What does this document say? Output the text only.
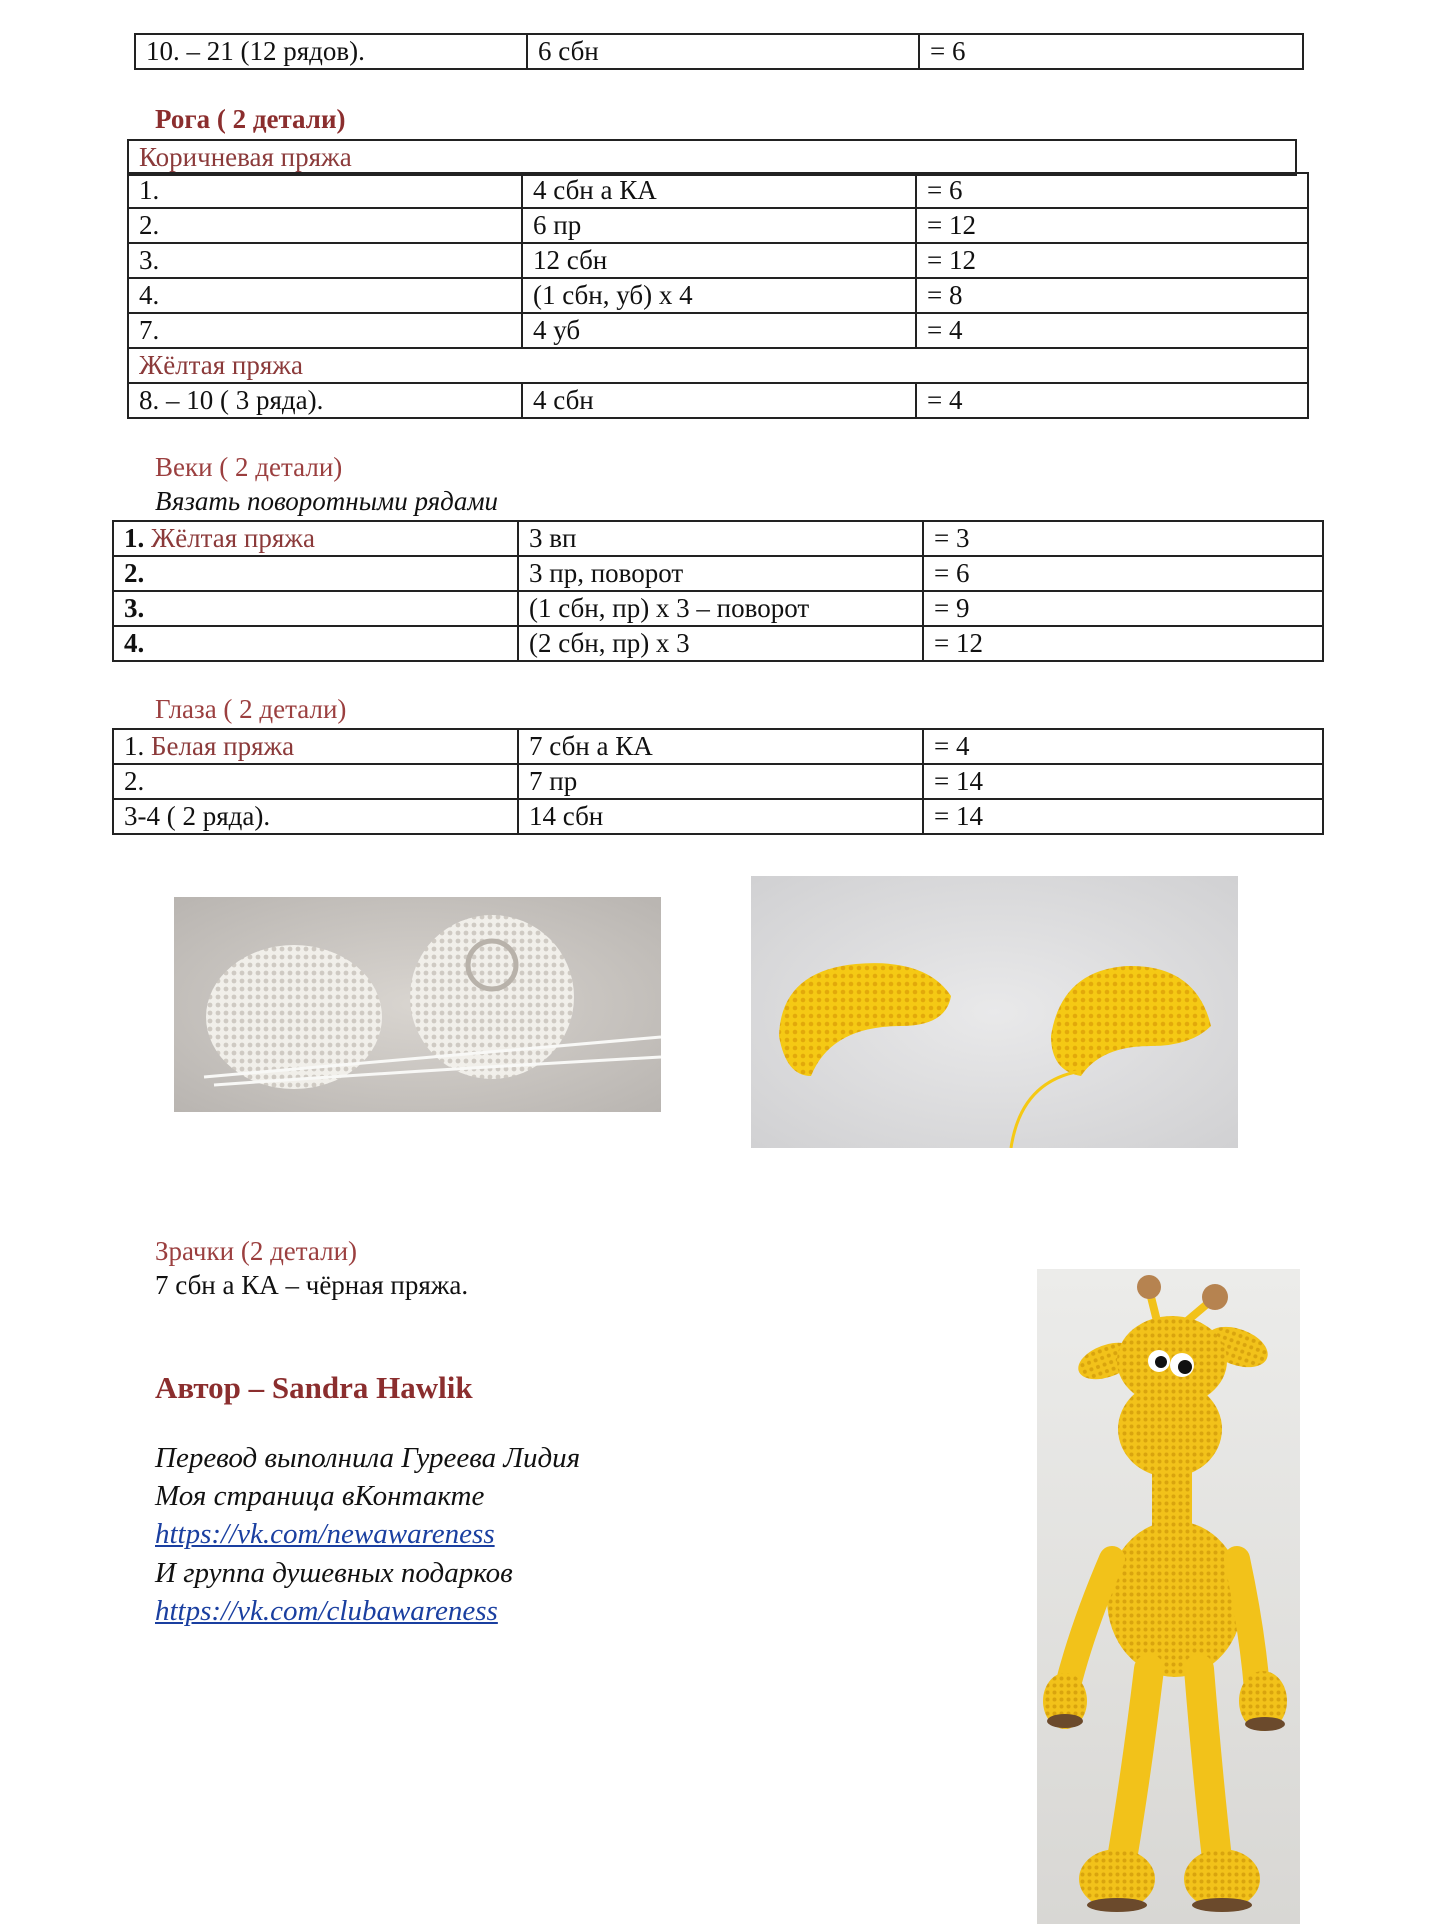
10. – 21 (12 рядов).	6 сбн	= 6
Рога ( 2 детали)
Коричневая пряжа
1.	4 сбн а КА	= 6
2.	6 пр	= 12
3.	12 сбн	= 12
4.	(1 сбн, уб) х 4	= 8
7.	4 уб	= 4
Жёлтая пряжа		
8. – 10 ( 3 ряда).	4 сбн	= 4
Веки ( 2 детали)
Вязать поворотными рядами
1. Жёлтая пряжа	3 вп	= 3
2.	3 пр, поворот	= 6
3.	(1 сбн, пр) х 3 – поворот	= 9
4.	(2 сбн, пр) х 3	= 12
Глаза ( 2 детали)
1. Белая пряжа	7 сбн а КА	= 4
2.	7 пр	= 14
3-4 ( 2 ряда).	14 сбн	= 14
Зрачки (2 детали)
7 сбн а КА – чёрная пряжа.
Автор – Sandra Hawlik
Перевод выполнила Гуреева Лидия
Моя страница вКонтакте
https://vk.com/newawareness
И группа душевных подарков
https://vk.com/clubawareness
